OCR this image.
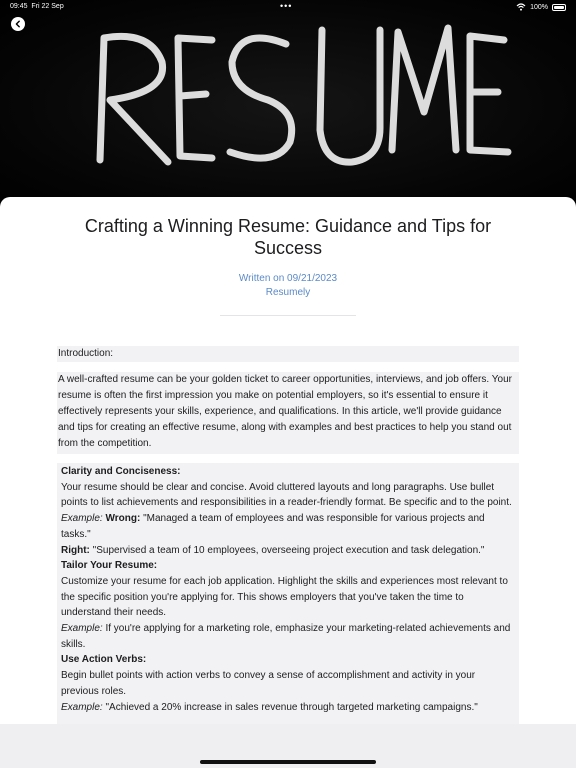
09:45 Fri 22 Sep	•••	100%
Crafting a Winning Resume: Guidance and Tips for Success
Written on 09/21/2023
Resumely
Introduction:
A well-crafted resume can be your golden ticket to career opportunities, interviews, and job offers. Your resume is often the first impression you make on potential employers, so it's essential to ensure it effectively represents your skills, experience, and qualifications. In this article, we'll provide guidance and tips for creating an effective resume, along with examples and best practices to help you stand out from the competition.
Clarity and Conciseness:
Your resume should be clear and concise. Avoid cluttered layouts and long paragraphs. Use bullet points to list achievements and responsibilities in a reader-friendly format. Be specific and to the point.
Example: Wrong: "Managed a team of employees and was responsible for various projects and tasks."
Right: "Supervised a team of 10 employees, overseeing project execution and task delegation."
Tailor Your Resume:
Customize your resume for each job application. Highlight the skills and experiences most relevant to the specific position you're applying for. This shows employers that you've taken the time to understand their needs.
Example: If you're applying for a marketing role, emphasize your marketing-related achievements and skills.
Use Action Verbs:
Begin bullet points with action verbs to convey a sense of accomplishment and activity in your previous roles.
Example: "Achieved a 20% increase in sales revenue through targeted marketing campaigns."
